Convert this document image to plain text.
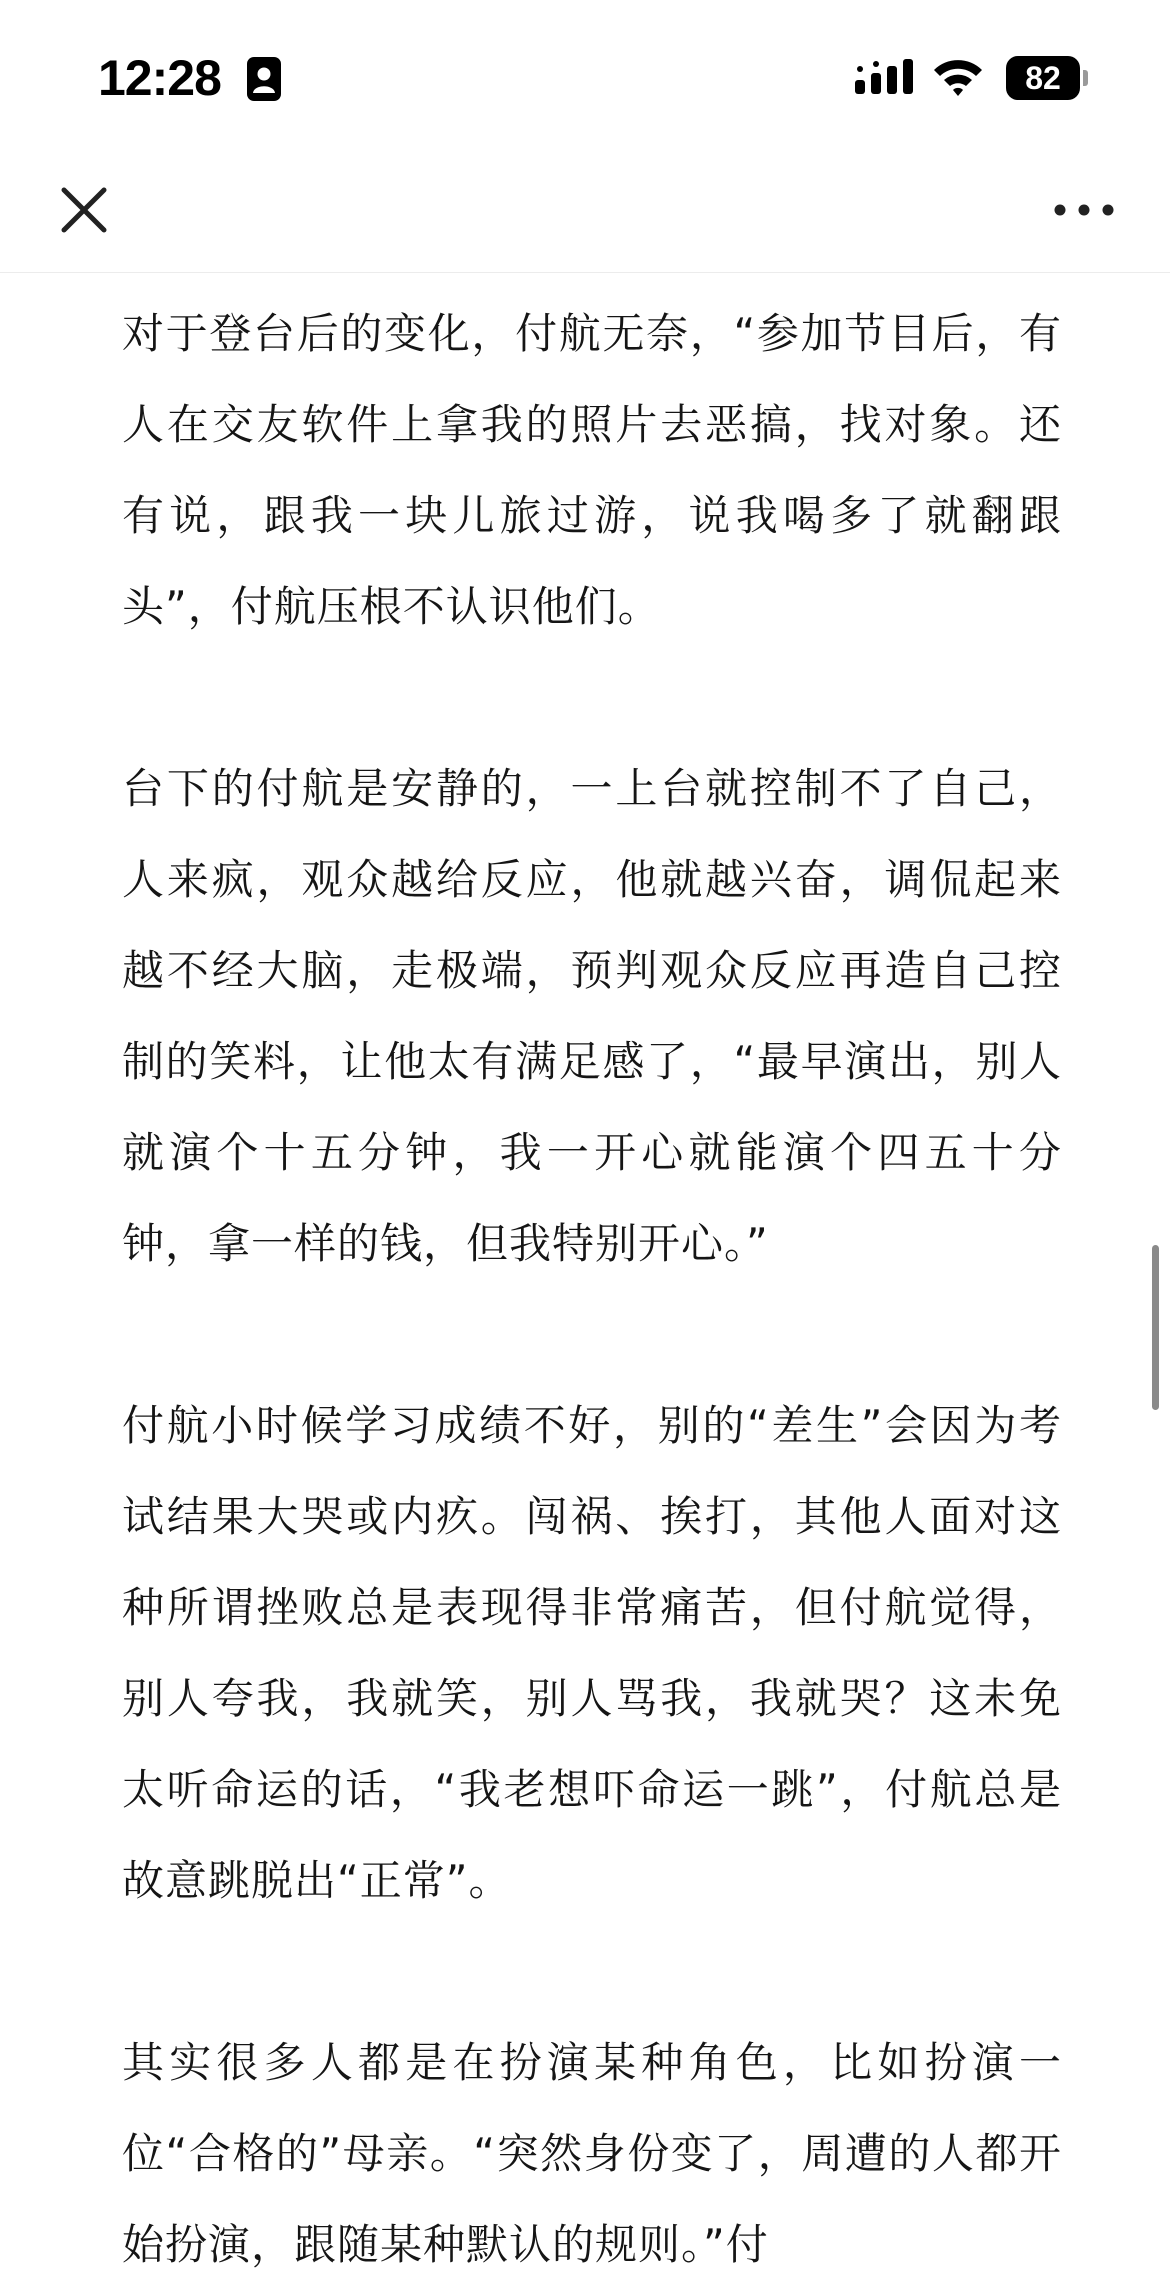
12:28	82

对于登台后的变化，付航无奈，“参加节目后，有人在交友软件上拿我的照片去恶搞，找对象。还有说，跟我一块儿旅过游，说我喝多了就翻跟头”，付航压根不认识他们。

台下的付航是安静的，一上台就控制不了自己，人来疯，观众越给反应，他就越兴奋，调侃起来越不经大脑，走极端，预判观众反应再造自己控制的笑料，让他太有满足感了，“最早演出，别人就演个十五分钟，我一开心就能演个四五十分钟，拿一样的钱，但我特别开心。”

付航小时候学习成绩不好，别的“差生”会因为考试结果大哭或内疚。闯祸、挨打，其他人面对这种所谓挫败总是表现得非常痛苦，但付航觉得，别人夸我，我就笑，别人骂我，我就哭？这未免太听命运的话，“我老想吓命运一跳”，付航总是故意跳脱出“正常”。

其实很多人都是在扮演某种角色，比如扮演一位“合格的”母亲。“突然身份变了，周遭的人都开始扮演，跟随某种默认的规则。”付
